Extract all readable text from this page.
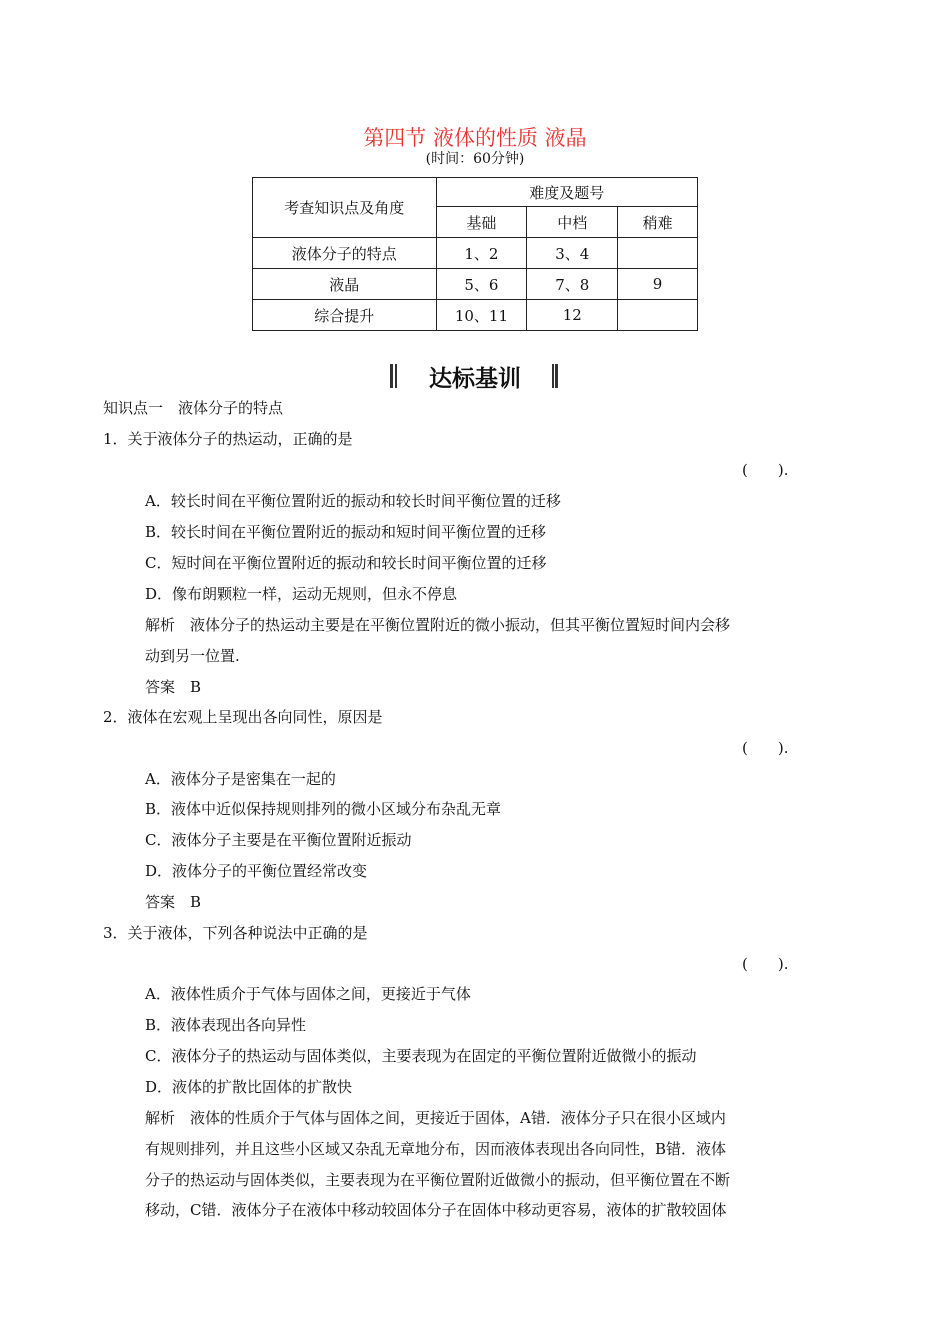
第四节 液体的性质 液晶
(时间：60分钟)
考查知识点及角度	难度及题号		
	基础	中档	稍难
液体分子的特点	1、2	3、4	
液晶	5、6	7、8	9
综合提升	10、11	12	
达标基训
知识点一　液体分子的特点
1．关于液体分子的热运动，正确的是
(　　).
A．较长时间在平衡位置附近的振动和较长时间平衡位置的迁移
B．较长时间在平衡位置附近的振动和短时间平衡位置的迁移
C．短时间在平衡位置附近的振动和较长时间平衡位置的迁移
D．像布朗颗粒一样，运动无规则，但永不停息
解析　液体分子的热运动主要是在平衡位置附近的微小振动，但其平衡位置短时间内会移
动到另一位置.
答案　B
2．液体在宏观上呈现出各向同性，原因是
(　　).
A．液体分子是密集在一起的
B．液体中近似保持规则排列的微小区域分布杂乱无章
C．液体分子主要是在平衡位置附近振动
D．液体分子的平衡位置经常改变
答案　B
3．关于液体，下列各种说法中正确的是
(　　).
A．液体性质介于气体与固体之间，更接近于气体
B．液体表现出各向异性
C．液体分子的热运动与固体类似，主要表现为在固定的平衡位置附近做微小的振动
D．液体的扩散比固体的扩散快
解析　液体的性质介于气体与固体之间，更接近于固体，A错．液体分子只在很小区域内
有规则排列，并且这些小区域又杂乱无章地分布，因而液体表现出各向同性，B错．液体
分子的热运动与固体类似，主要表现为在平衡位置附近做微小的振动，但平衡位置在不断
移动，C错．液体分子在液体中移动较固体分子在固体中移动更容易，液体的扩散较固体
